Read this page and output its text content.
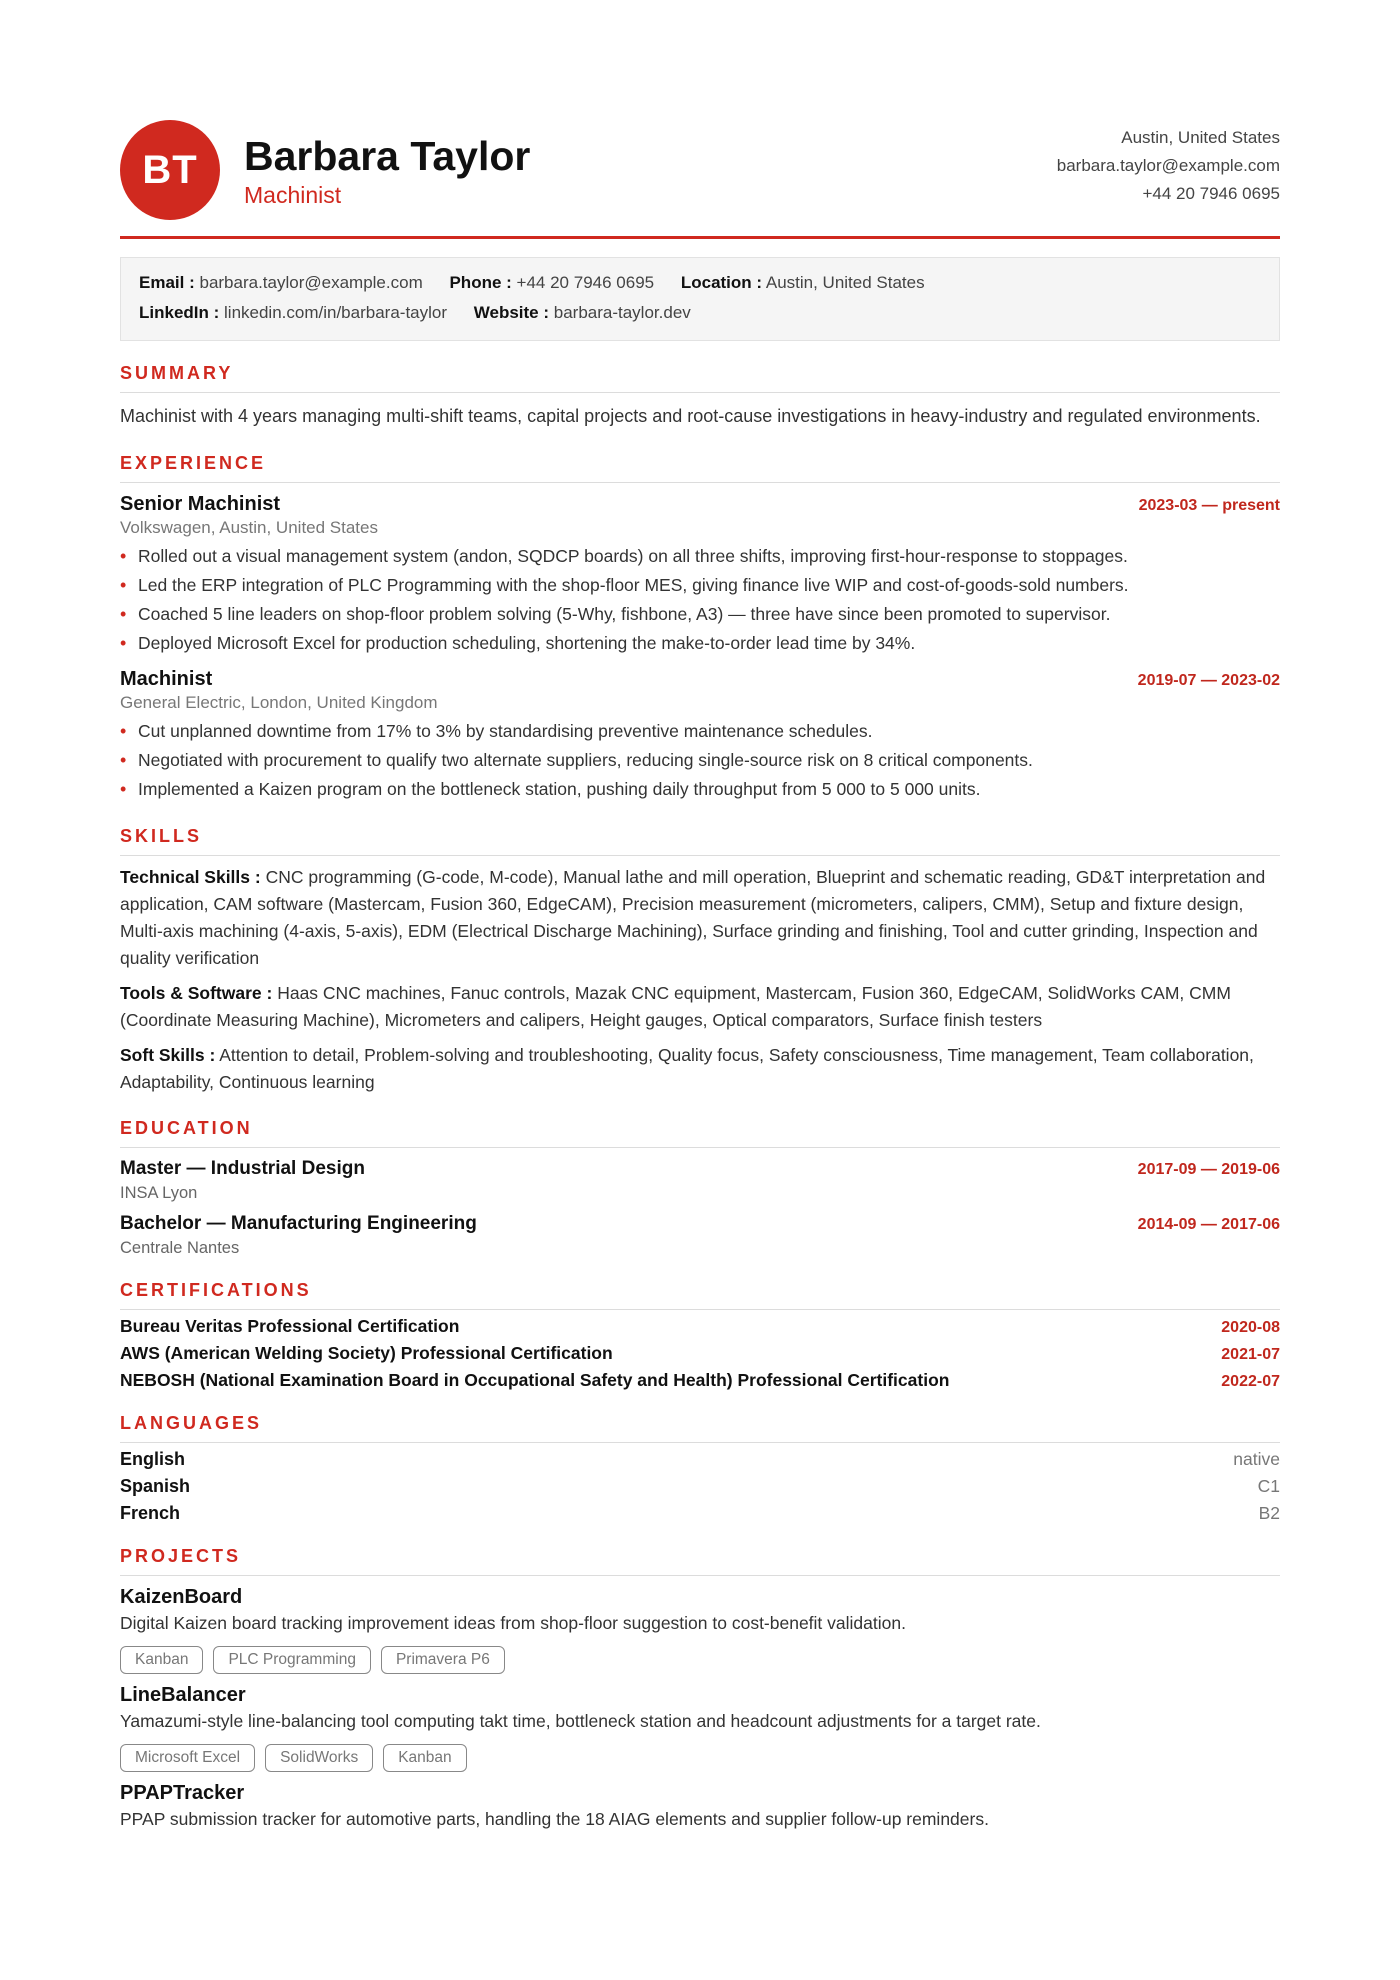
BT	Barbara Taylor
Machinist
Austin, United States
barbara.taylor@example.com
+44 20 7946 0695
Email : barbara.taylor@example.com Phone : +44 20 7946 0695 Location : Austin, United States
LinkedIn : linkedin.com/in/barbara-taylor Website : barbara-taylor.dev
SUMMARY
Machinist with 4 years managing multi-shift teams, capital projects and root-cause investigations in heavy-industry and regulated environments.
EXPERIENCE
Senior Machinist	2023-03 — present
Volkswagen, Austin, United States
• Rolled out a visual management system (andon, SQDCP boards) on all three shifts, improving first-hour-response to stoppages.
• Led the ERP integration of PLC Programming with the shop-floor MES, giving finance live WIP and cost-of-goods-sold numbers.
• Coached 5 line leaders on shop-floor problem solving (5-Why, fishbone, A3) — three have since been promoted to supervisor.
• Deployed Microsoft Excel for production scheduling, shortening the make-to-order lead time by 34%.
Machinist	2019-07 — 2023-02
General Electric, London, United Kingdom
• Cut unplanned downtime from 17% to 3% by standardising preventive maintenance schedules.
• Negotiated with procurement to qualify two alternate suppliers, reducing single-source risk on 8 critical components.
• Implemented a Kaizen program on the bottleneck station, pushing daily throughput from 5 000 to 5 000 units.
SKILLS

Technical Skills : CNC programming (G-code, M-code), Manual lathe and mill operation, Blueprint and schematic reading, GD&T interpretation and application, CAM software (Mastercam, Fusion 360, EdgeCAM), Precision measurement (micrometers, calipers, CMM), Setup and fixture design, Multi-axis machining (4-axis, 5-axis), EDM (Electrical Discharge Machining), Surface grinding and finishing, Tool and cutter grinding, Inspection and quality verification

Tools & Software : Haas CNC machines, Fanuc controls, Mazak CNC equipment, Mastercam, Fusion 360, EdgeCAM, SolidWorks CAM, CMM (Coordinate Measuring Machine), Micrometers and calipers, Height gauges, Optical comparators, Surface finish testers

Soft Skills : Attention to detail, Problem-solving and troubleshooting, Quality focus, Safety consciousness, Time management, Team collaboration, Adaptability, Continuous learning

EDUCATION
Master — Industrial Design	2017-09 — 2019-06
INSA Lyon
Bachelor — Manufacturing Engineering	2014-09 — 2017-06
Centrale Nantes
CERTIFICATIONS
Bureau Veritas Professional Certification	2020-08
AWS (American Welding Society) Professional Certification	2021-07
NEBOSH (National Examination Board in Occupational Safety and Health) Professional Certification	2022-07
LANGUAGES
English	native
Spanish	C1
French	B2
PROJECTS
KaizenBoard
Digital Kaizen board tracking improvement ideas from shop-floor suggestion to cost-benefit validation.
Kanban	PLC Programming	Primavera P6
LineBalancer
Yamazumi-style line-balancing tool computing takt time, bottleneck station and headcount adjustments for a target rate.
Microsoft Excel	SolidWorks	Kanban
PPAPTracker
PPAP submission tracker for automotive parts, handling the 18 AIAG elements and supplier follow-up reminders.
